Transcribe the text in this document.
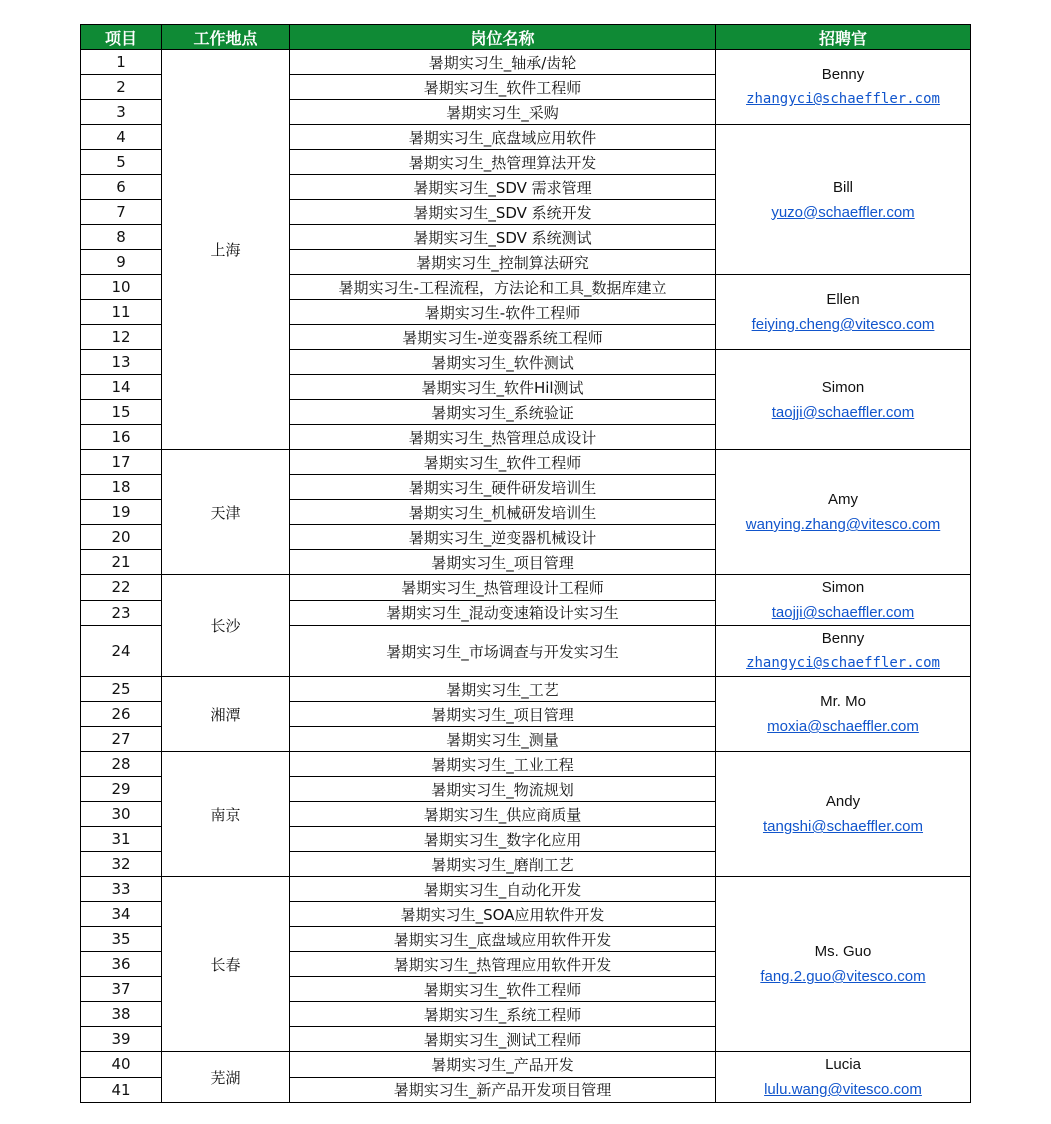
项目	工作地点	岗位名称	招聘官
1	上海	暑期实习生_轴承/齿轮	Benny
zhangyci@schaeffler.com

2		暑期实习生_软件工程师	
3		暑期实习生_采购	
4		暑期实习生_底盘域应用软件	Bill
yuzo@schaeffler.com

5		暑期实习生_热管理算法开发	
6		暑期实习生_SDV 需求管理	
7		暑期实习生_SDV 系统开发	
8		暑期实习生_SDV 系统测试	
9		暑期实习生_控制算法研究	
10		暑期实习生-工程流程，方法论和工具_数据库建立	Ellen
feiying.cheng@vitesco.com

11		暑期实习生-软件工程师	
12		暑期实习生-逆变器系统工程师	
13		暑期实习生_软件测试	Simon
taojji@schaeffler.com

14		暑期实习生_软件Hil测试	
15		暑期实习生_系统验证	
16		暑期实习生_热管理总成设计	
17	天津	暑期实习生_软件工程师	Amy
wanying.zhang@vitesco.com

18		暑期实习生_硬件研发培训生	
19		暑期实习生_机械研发培训生	
20		暑期实习生_逆变器机械设计	
21		暑期实习生_项目管理	
22	长沙	暑期实习生_热管理设计工程师	Simon
taojji@schaeffler.com

23		暑期实习生_混动变速箱设计实习生	
24		暑期实习生_市场调查与开发实习生	Benny
zhangyci@schaeffler.com

25	湘潭	暑期实习生_工艺	Mr. Mo
moxia@schaeffler.com

26		暑期实习生_项目管理	
27		暑期实习生_测量	
28	南京	暑期实习生_工业工程	Andy
tangshi@schaeffler.com

29		暑期实习生_物流规划	
30		暑期实习生_供应商质量	
31		暑期实习生_数字化应用	
32		暑期实习生_磨削工艺	
33	长春	暑期实习生_自动化开发	Ms. Guo
fang.2.guo@vitesco.com

34		暑期实习生_SOA应用软件开发	
35		暑期实习生_底盘域应用软件开发	
36		暑期实习生_热管理应用软件开发	
37		暑期实习生_软件工程师	
38		暑期实习生_系统工程师	
39		暑期实习生_测试工程师	
40	芜湖	暑期实习生_产品开发	Lucia
lulu.wang@vitesco.com

41		暑期实习生_新产品开发项目管理	
